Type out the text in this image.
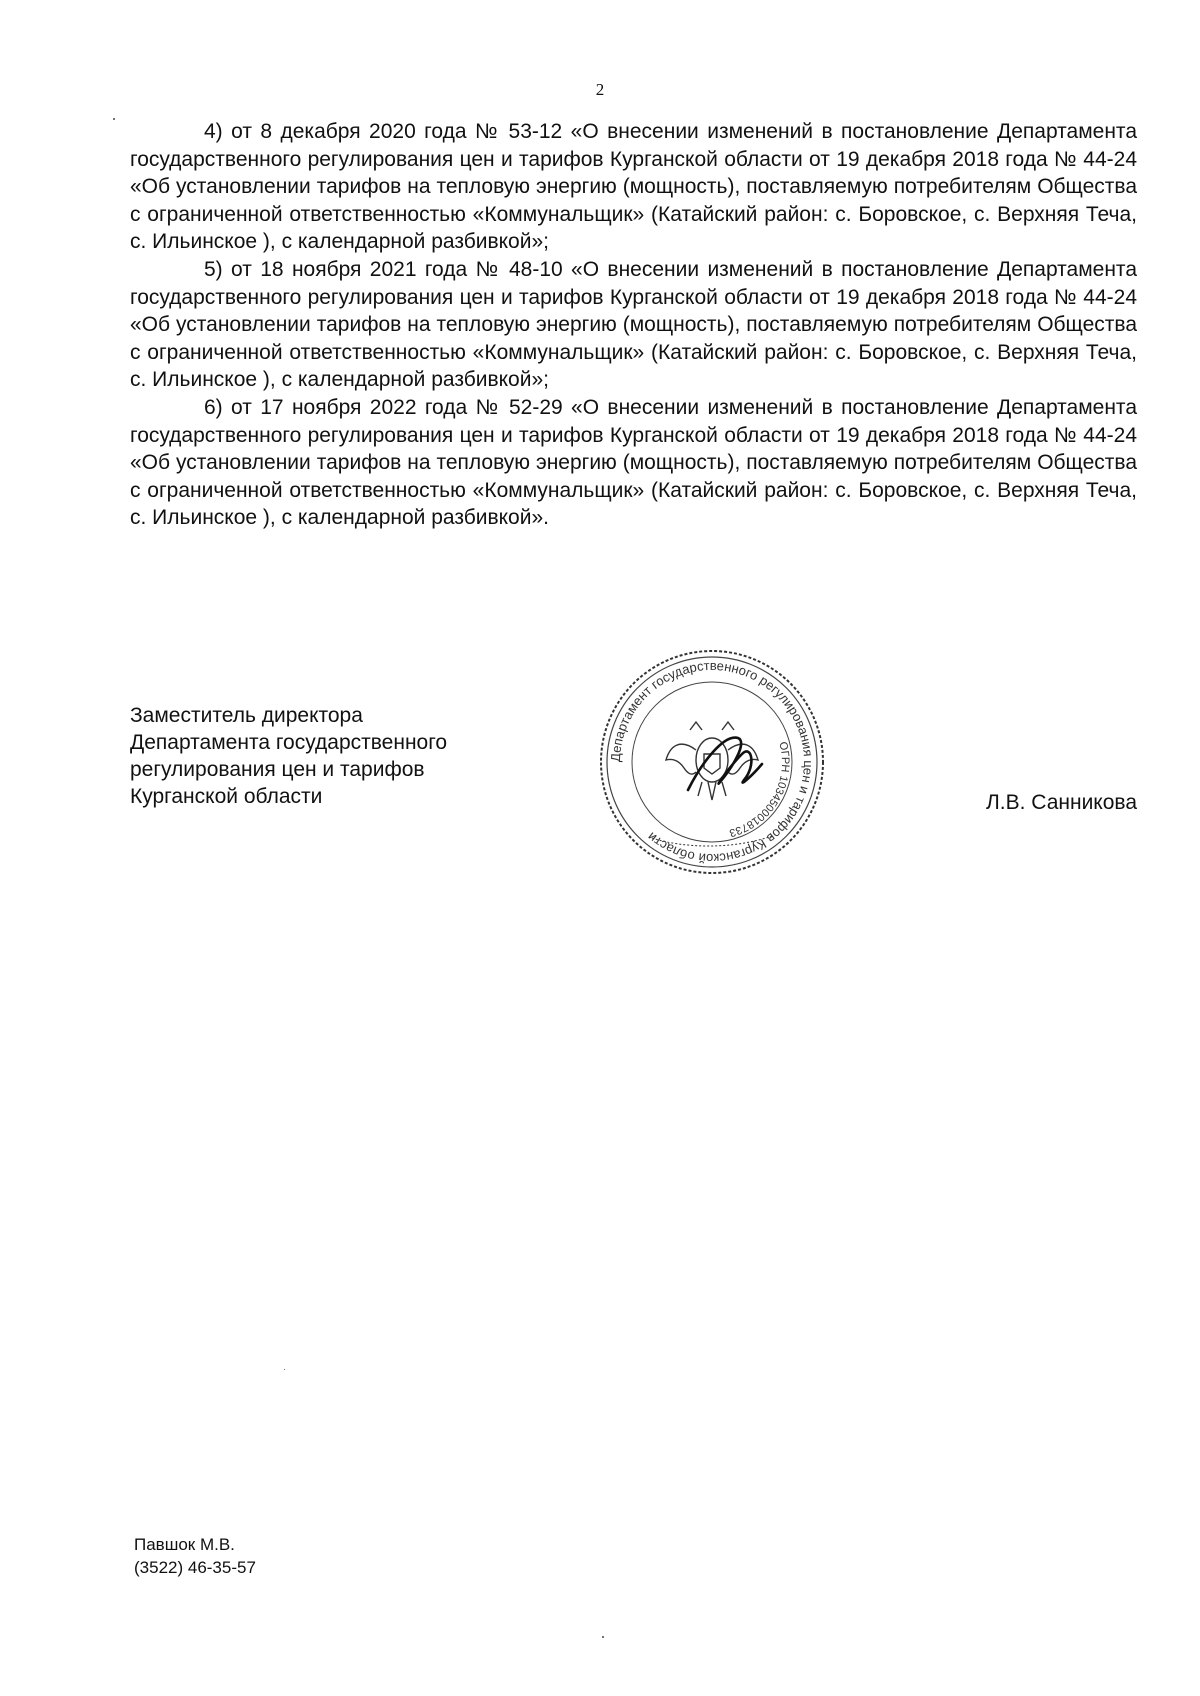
2

4) от 8 декабря 2020 года № 53-12 «О внесении изменений в постановление Департамента государственного регулирования цен и тарифов Курганской области от 19 декабря 2018 года № 44-24 «Об установлении тарифов на тепловую энергию (мощность), поставляемую потребителям Общества с ограниченной ответственностью «Коммунальщик» (Катайский район: с. Боровское, с. Верхняя Теча, с. Ильинское ), с календарной разбивкой»;

5) от 18 ноября 2021 года № 48-10 «О внесении изменений в постановление Департамента государственного регулирования цен и тарифов Курганской области от 19 декабря 2018 года № 44-24 «Об установлении тарифов на тепловую энергию (мощность), поставляемую потребителям Общества с ограниченной ответственностью «Коммунальщик» (Катайский район: с. Боровское, с. Верхняя Теча, с. Ильинское ), с календарной разбивкой»;

6) от 17 ноября 2022 года № 52-29 «О внесении изменений в постановление Департамента государственного регулирования цен и тарифов Курганской области от 19 декабря 2018 года № 44-24 «Об установлении тарифов на тепловую энергию (мощность), поставляемую потребителям Общества с ограниченной ответственностью «Коммунальщик» (Катайский район: с. Боровское, с. Верхняя Теча, с. Ильинское ), с календарной разбивкой».

Заместитель директора
Департамента государственного
регулирования цен и тарифов
Курганской области
Департамент государственного регулирования цен и тарифов Курганской области
ОГРН 1034500018733
Л.В. Санникова
Павшок М.В.
(3522) 46-35-57
